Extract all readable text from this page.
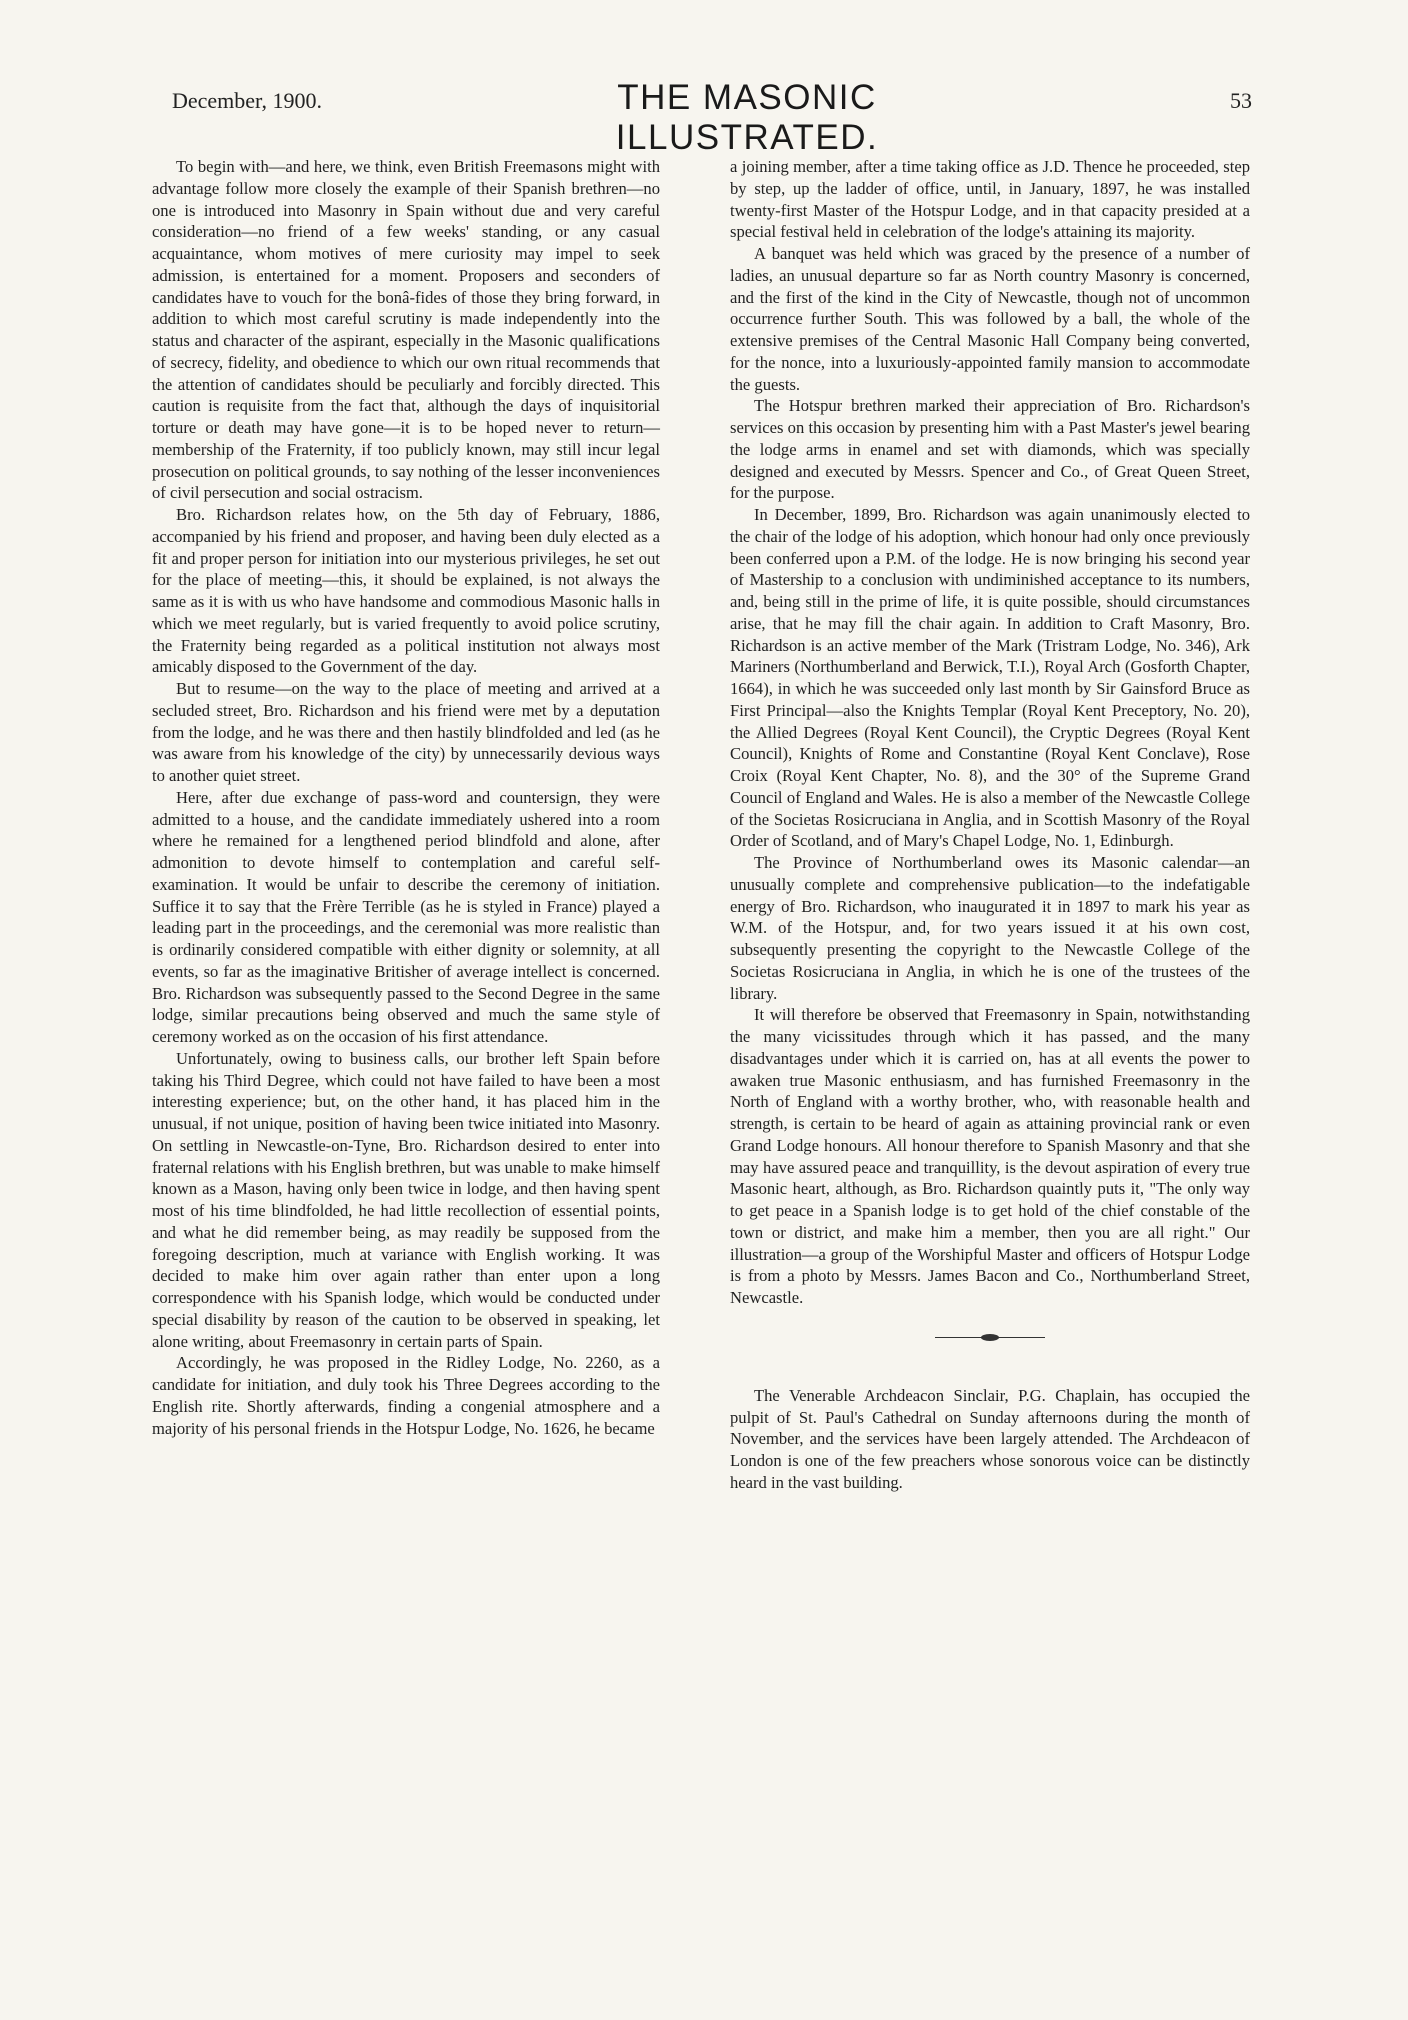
December, 1900.	THE MASONIC ILLUSTRATED.
53

To begin with—and here, we think, even British Freemasons might with advantage follow more closely the example of their Spanish brethren—no one is introduced into Masonry in Spain without due and very careful consideration—no friend of a few weeks' standing, or any casual acquaintance, whom motives of mere curiosity may impel to seek admission, is entertained for a moment. Proposers and seconders of candidates have to vouch for the bonâ-fides of those they bring forward, in addition to which most careful scrutiny is made independently into the status and character of the aspirant, especially in the Masonic qualifications of secrecy, fidelity, and obedience to which our own ritual recommends that the attention of candidates should be peculiarly and forcibly directed. This caution is requisite from the fact that, although the days of inquisitorial torture or death may have gone—it is to be hoped never to return—membership of the Fraternity, if too publicly known, may still incur legal prosecution on political grounds, to say nothing of the lesser inconveniences of civil persecution and social ostracism.

Bro. Richardson relates how, on the 5th day of February, 1886, accompanied by his friend and proposer, and having been duly elected as a fit and proper person for initiation into our mysterious privileges, he set out for the place of meeting—this, it should be explained, is not always the same as it is with us who have handsome and commodious Masonic halls in which we meet regularly, but is varied frequently to avoid police scrutiny, the Fraternity being regarded as a political institution not always most amicably disposed to the Government of the day.

But to resume—on the way to the place of meeting and arrived at a secluded street, Bro. Richardson and his friend were met by a deputation from the lodge, and he was there and then hastily blindfolded and led (as he was aware from his knowledge of the city) by unnecessarily devious ways to another quiet street.

Here, after due exchange of pass-word and countersign, they were admitted to a house, and the candidate immediately ushered into a room where he remained for a lengthened period blindfold and alone, after admonition to devote himself to contemplation and careful self-examination. It would be unfair to describe the ceremony of initiation. Suffice it to say that the Frère Terrible (as he is styled in France) played a leading part in the proceedings, and the ceremonial was more realistic than is ordinarily considered compatible with either dignity or solemnity, at all events, so far as the imaginative Britisher of average intellect is concerned. Bro. Richardson was subsequently passed to the Second Degree in the same lodge, similar precautions being observed and much the same style of ceremony worked as on the occasion of his first attendance.

Unfortunately, owing to business calls, our brother left Spain before taking his Third Degree, which could not have failed to have been a most interesting experience; but, on the other hand, it has placed him in the unusual, if not unique, position of having been twice initiated into Masonry. On settling in Newcastle-on-Tyne, Bro. Richardson desired to enter into fraternal relations with his English brethren, but was unable to make himself known as a Mason, having only been twice in lodge, and then having spent most of his time blindfolded, he had little recollection of essential points, and what he did remember being, as may readily be supposed from the foregoing description, much at variance with English working. It was decided to make him over again rather than enter upon a long correspondence with his Spanish lodge, which would be conducted under special disability by reason of the caution to be observed in speaking, let alone writing, about Freemasonry in certain parts of Spain.

Accordingly, he was proposed in the Ridley Lodge, No. 2260, as a candidate for initiation, and duly took his Three Degrees according to the English rite. Shortly afterwards, finding a congenial atmosphere and a majority of his personal friends in the Hotspur Lodge, No. 1626, he became

a joining member, after a time taking office as J.D. Thence he proceeded, step by step, up the ladder of office, until, in January, 1897, he was installed twenty-first Master of the Hotspur Lodge, and in that capacity presided at a special festival held in celebration of the lodge's attaining its majority.

A banquet was held which was graced by the presence of a number of ladies, an unusual departure so far as North country Masonry is concerned, and the first of the kind in the City of Newcastle, though not of uncommon occurrence further South. This was followed by a ball, the whole of the extensive premises of the Central Masonic Hall Company being converted, for the nonce, into a luxuriously-appointed family mansion to accommodate the guests.

The Hotspur brethren marked their appreciation of Bro. Richardson's services on this occasion by presenting him with a Past Master's jewel bearing the lodge arms in enamel and set with diamonds, which was specially designed and executed by Messrs. Spencer and Co., of Great Queen Street, for the purpose.

In December, 1899, Bro. Richardson was again unanimously elected to the chair of the lodge of his adoption, which honour had only once previously been conferred upon a P.M. of the lodge. He is now bringing his second year of Mastership to a conclusion with undiminished acceptance to its numbers, and, being still in the prime of life, it is quite possible, should circumstances arise, that he may fill the chair again. In addition to Craft Masonry, Bro. Richardson is an active member of the Mark (Tristram Lodge, No. 346), Ark Mariners (Northumberland and Berwick, T.I.), Royal Arch (Gosforth Chapter, 1664), in which he was succeeded only last month by Sir Gainsford Bruce as First Principal—also the Knights Templar (Royal Kent Preceptory, No. 20), the Allied Degrees (Royal Kent Council), the Cryptic Degrees (Royal Kent Council), Knights of Rome and Constantine (Royal Kent Conclave), Rose Croix (Royal Kent Chapter, No. 8), and the 30° of the Supreme Grand Council of England and Wales. He is also a member of the Newcastle College of the Societas Rosicruciana in Anglia, and in Scottish Masonry of the Royal Order of Scotland, and of Mary's Chapel Lodge, No. 1, Edinburgh.

The Province of Northumberland owes its Masonic calendar—an unusually complete and comprehensive publication—to the indefatigable energy of Bro. Richardson, who inaugurated it in 1897 to mark his year as W.M. of the Hotspur, and, for two years issued it at his own cost, subsequently presenting the copyright to the Newcastle College of the Societas Rosicruciana in Anglia, in which he is one of the trustees of the library.

It will therefore be observed that Freemasonry in Spain, notwithstanding the many vicissitudes through which it has passed, and the many disadvantages under which it is carried on, has at all events the power to awaken true Masonic enthusiasm, and has furnished Freemasonry in the North of England with a worthy brother, who, with reasonable health and strength, is certain to be heard of again as attaining provincial rank or even Grand Lodge honours. All honour therefore to Spanish Masonry and that she may have assured peace and tranquillity, is the devout aspiration of every true Masonic heart, although, as Bro. Richardson quaintly puts it, "The only way to get peace in a Spanish lodge is to get hold of the chief constable of the town or district, and make him a member, then you are all right." Our illustration—a group of the Worshipful Master and officers of Hotspur Lodge is from a photo by Messrs. James Bacon and Co., Northumberland Street, Newcastle.

The Venerable Archdeacon Sinclair, P.G. Chaplain, has occupied the pulpit of St. Paul's Cathedral on Sunday afternoons during the month of November, and the services have been largely attended. The Archdeacon of London is one of the few preachers whose sonorous voice can be distinctly heard in the vast building.
